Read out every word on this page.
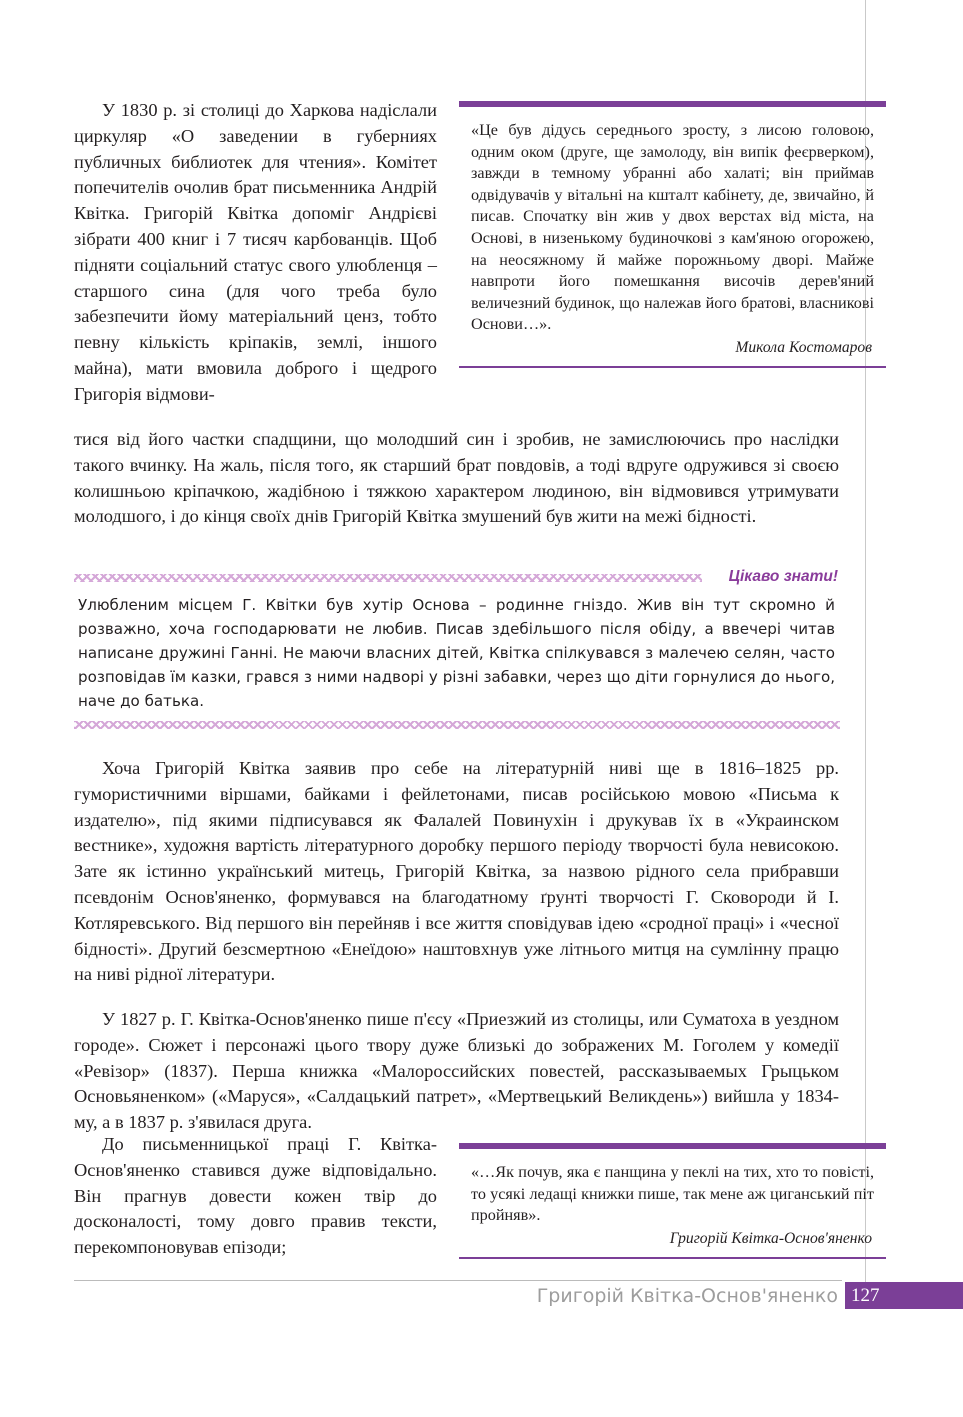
У 1830 р. зі столиці до Харкова надіслали циркуляр «О заведении в губерниях публичных библиотек для чтения». Комітет попечителів очолив брат письменника Андрій Квітка. Григорій Квітка допоміг Андрієві зібрати 400 книг і 7 тисяч карбованців. Щоб підняти соціальний статус свого улюбленця – старшого сина (для чого треба було забезпечити йому матеріальний ценз, тобто певну кількість кріпаків, землі, іншого майна), мати вмовила доброго і щедрого Григорія відмови-

«Це був дідусь середнього зросту, з лисою головою, одним оком (друге, ще замолоду, він випік феєрверком), завжди в темному убранні або халаті; він приймав одвідувачів у вітальні на кшталт кабінету, де, звичайно, й писав. Спочатку він жив у двох верстах від міста, на Основі, в низенькому будиночкові з кам'яною огорожею, на неосяжному й майже порожньому дворі. Майже навпроти його помешкання височів дерев'яний величезний будинок, що належав його братові, власникові Основи…».

Микола Костомаров

тися від його частки спадщини, що молодший син і зробив, не замислюючись про наслідки такого вчинку. На жаль, після того, як старший брат повдовів, а тоді вдруге одружився зі своєю колишньою кріпачкою, жадібною і тяжкою характером людиною, він відмовився утримувати молодшого, і до кінця своїх днів Григорій Квітка змушений був жити на межі бідності.

Цікаво знати!

Улюбленим місцем Г. Квітки був хутір Основа – родинне гніздо. Жив він тут скромно й розважно, хоча господарювати не любив. Писав здебільшого після обіду, а ввечері читав написане дружині Ганні. Не маючи власних дітей, Квітка спілкувався з малечею селян, часто розповідав їм казки, грався з ними надворі у різні забавки, через що діти горнулися до нього, наче до батька.

Хоча Григорій Квітка заявив про себе на літературній ниві ще в 1816–1825 рр. гумористичними віршами, байками і фейлетонами, писав російською мовою «Письма к издателю», під якими підписувався як Фалалей Повинухін і друкував їх в «Украинском вестнике», художня вартість літературного доробку першого періоду творчості була невисокою. Зате як істинно український митець, Григорій Квітка, за назвою рідного села прибравши псевдонім Основ'яненко, формувався на благодатному ґрунті творчості Г. Сковороди й І. Котляревського. Від першого він перейняв і все життя сповідував ідею «сродної праці» і «чесної бідності». Другий безсмертною «Енеїдою» наштовхнув уже літнього митця на сумлінну працю на ниві рідної літератури.

У 1827 р. Г. Квітка-Основ'яненко пише п'єсу «Приезжий из столицы, или Суматоха в уездном городе». Сюжет і персонажі цього твору дуже близькі до зображених М. Гоголем у комедії «Ревізор» (1837). Перша книжка «Малороссийских повестей, рассказываемых Грыцьком Основьяненком» («Маруся», «Салдацький патрет», «Мертвецький Великдень») вийшла у 1834-му, а в 1837 р. з'явилася друга.

До письменницької праці Г. Квітка-Основ'яненко ставився дуже відповідально. Він прагнув довести кожен твір до досконалості, тому довго правив тексти, перекомпоновував епізоди;

«…Як почув, яка є панщина у пеклі на тих, хто то повісті, то усякі ледащі книжки пише, так мене аж циганський піт пройняв».

Григорій Квітка-Основ'яненко
Григорій Квітка-Основ'яненко 127
